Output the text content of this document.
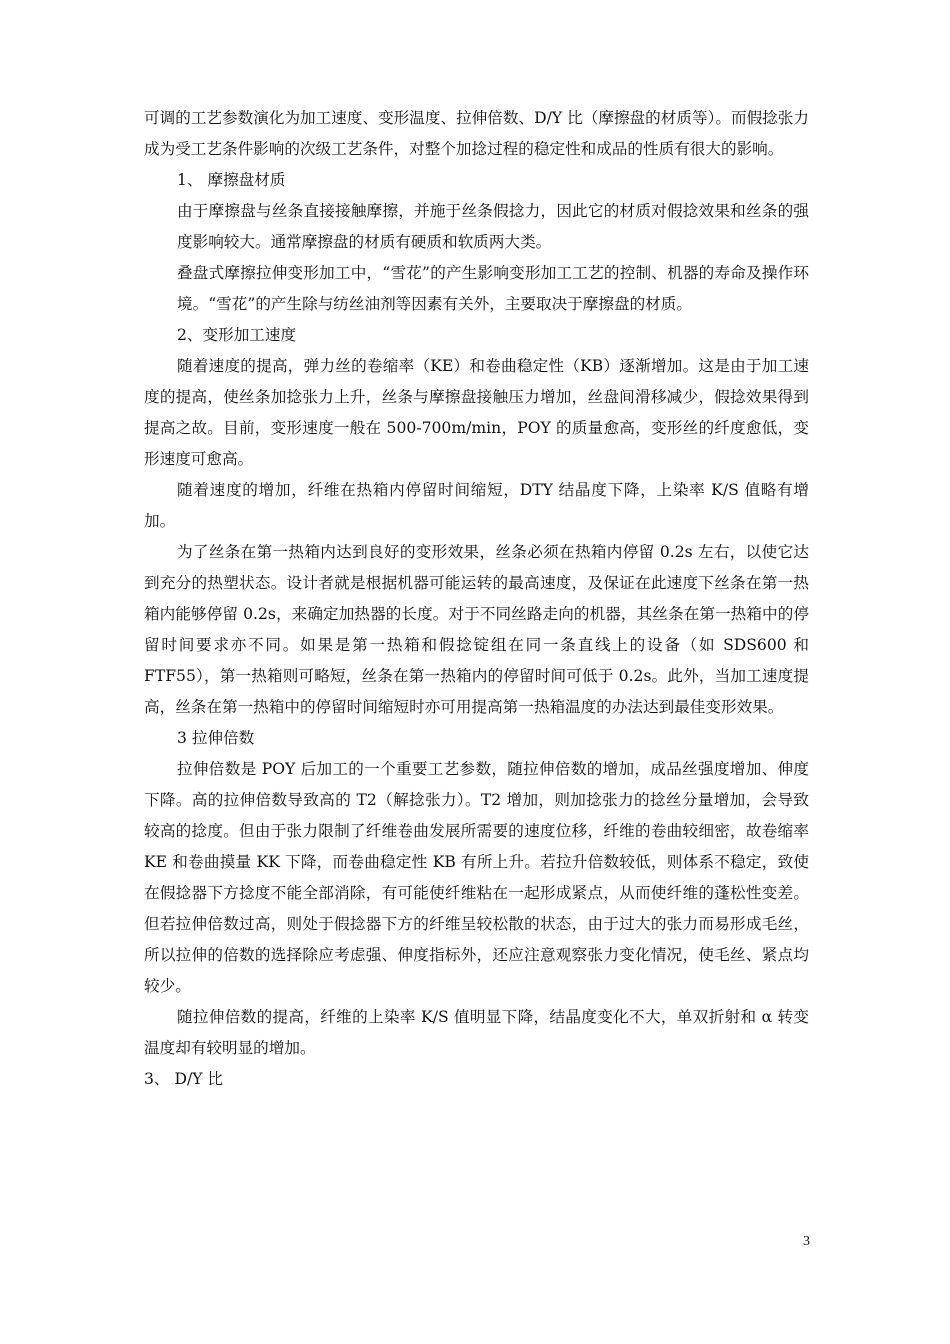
可调的工艺参数演化为加工速度、变形温度、拉伸倍数、D/Y 比（摩擦盘的材质等）。而假捻张力成为受工艺条件影响的次级工艺条件，对整个加捻过程的稳定性和成品的性质有很大的影响。

1、 摩擦盘材质

由于摩擦盘与丝条直接接触摩擦，并施于丝条假捻力，因此它的材质对假捻效果和丝条的强度影响较大。通常摩擦盘的材质有硬质和软质两大类。

叠盘式摩擦拉伸变形加工中，“雪花”的产生影响变形加工工艺的控制、机器的寿命及操作环境。“雪花”的产生除与纺丝油剂等因素有关外，主要取决于摩擦盘的材质。

2、变形加工速度

随着速度的提高，弹力丝的卷缩率（KE）和卷曲稳定性（KB）逐渐增加。这是由于加工速度的提高，使丝条加捻张力上升，丝条与摩擦盘接触压力增加，丝盘间滑移减少，假捻效果得到提高之故。目前，变形速度一般在 500-700m/min，POY 的质量愈高，变形丝的纤度愈低，变形速度可愈高。

随着速度的增加，纤维在热箱内停留时间缩短，DTY 结晶度下降，上染率 K/S 值略有增加。

为了丝条在第一热箱内达到良好的变形效果，丝条必须在热箱内停留 0.2s 左右，以使它达到充分的热塑状态。设计者就是根据机器可能运转的最高速度，及保证在此速度下丝条在第一热箱内能够停留 0.2s，来确定加热器的长度。对于不同丝路走向的机器，其丝条在第一热箱中的停留时间要求亦不同。如果是第一热箱和假捻锭组在同一条直线上的设备（如 SDS600 和 FTF55），第一热箱则可略短，丝条在第一热箱内的停留时间可低于 0.2s。此外，当加工速度提高，丝条在第一热箱中的停留时间缩短时亦可用提高第一热箱温度的办法达到最佳变形效果。

3 拉伸倍数

拉伸倍数是 POY 后加工的一个重要工艺参数，随拉伸倍数的增加，成品丝强度增加、伸度下降。高的拉伸倍数导致高的 T2（解捻张力）。T2 增加，则加捻张力的捻丝分量增加，会导致较高的捻度。但由于张力限制了纤维卷曲发展所需要的速度位移，纤维的卷曲较细密，故卷缩率 KE 和卷曲摸量 KK 下降，而卷曲稳定性 KB 有所上升。若拉升倍数较低，则体系不稳定，致使在假捻器下方捻度不能全部消除，有可能使纤维粘在一起形成紧点，从而使纤维的蓬松性变差。但若拉伸倍数过高，则处于假捻器下方的纤维呈较松散的状态，由于过大的张力而易形成毛丝，所以拉伸的倍数的选择除应考虑强、伸度指标外，还应注意观察张力变化情况，使毛丝、紧点均较少。

随拉伸倍数的提高，纤维的上染率 K/S 值明显下降，结晶度变化不大，单双折射和 α 转变温度却有较明显的增加。

3、 D/Y 比

3
